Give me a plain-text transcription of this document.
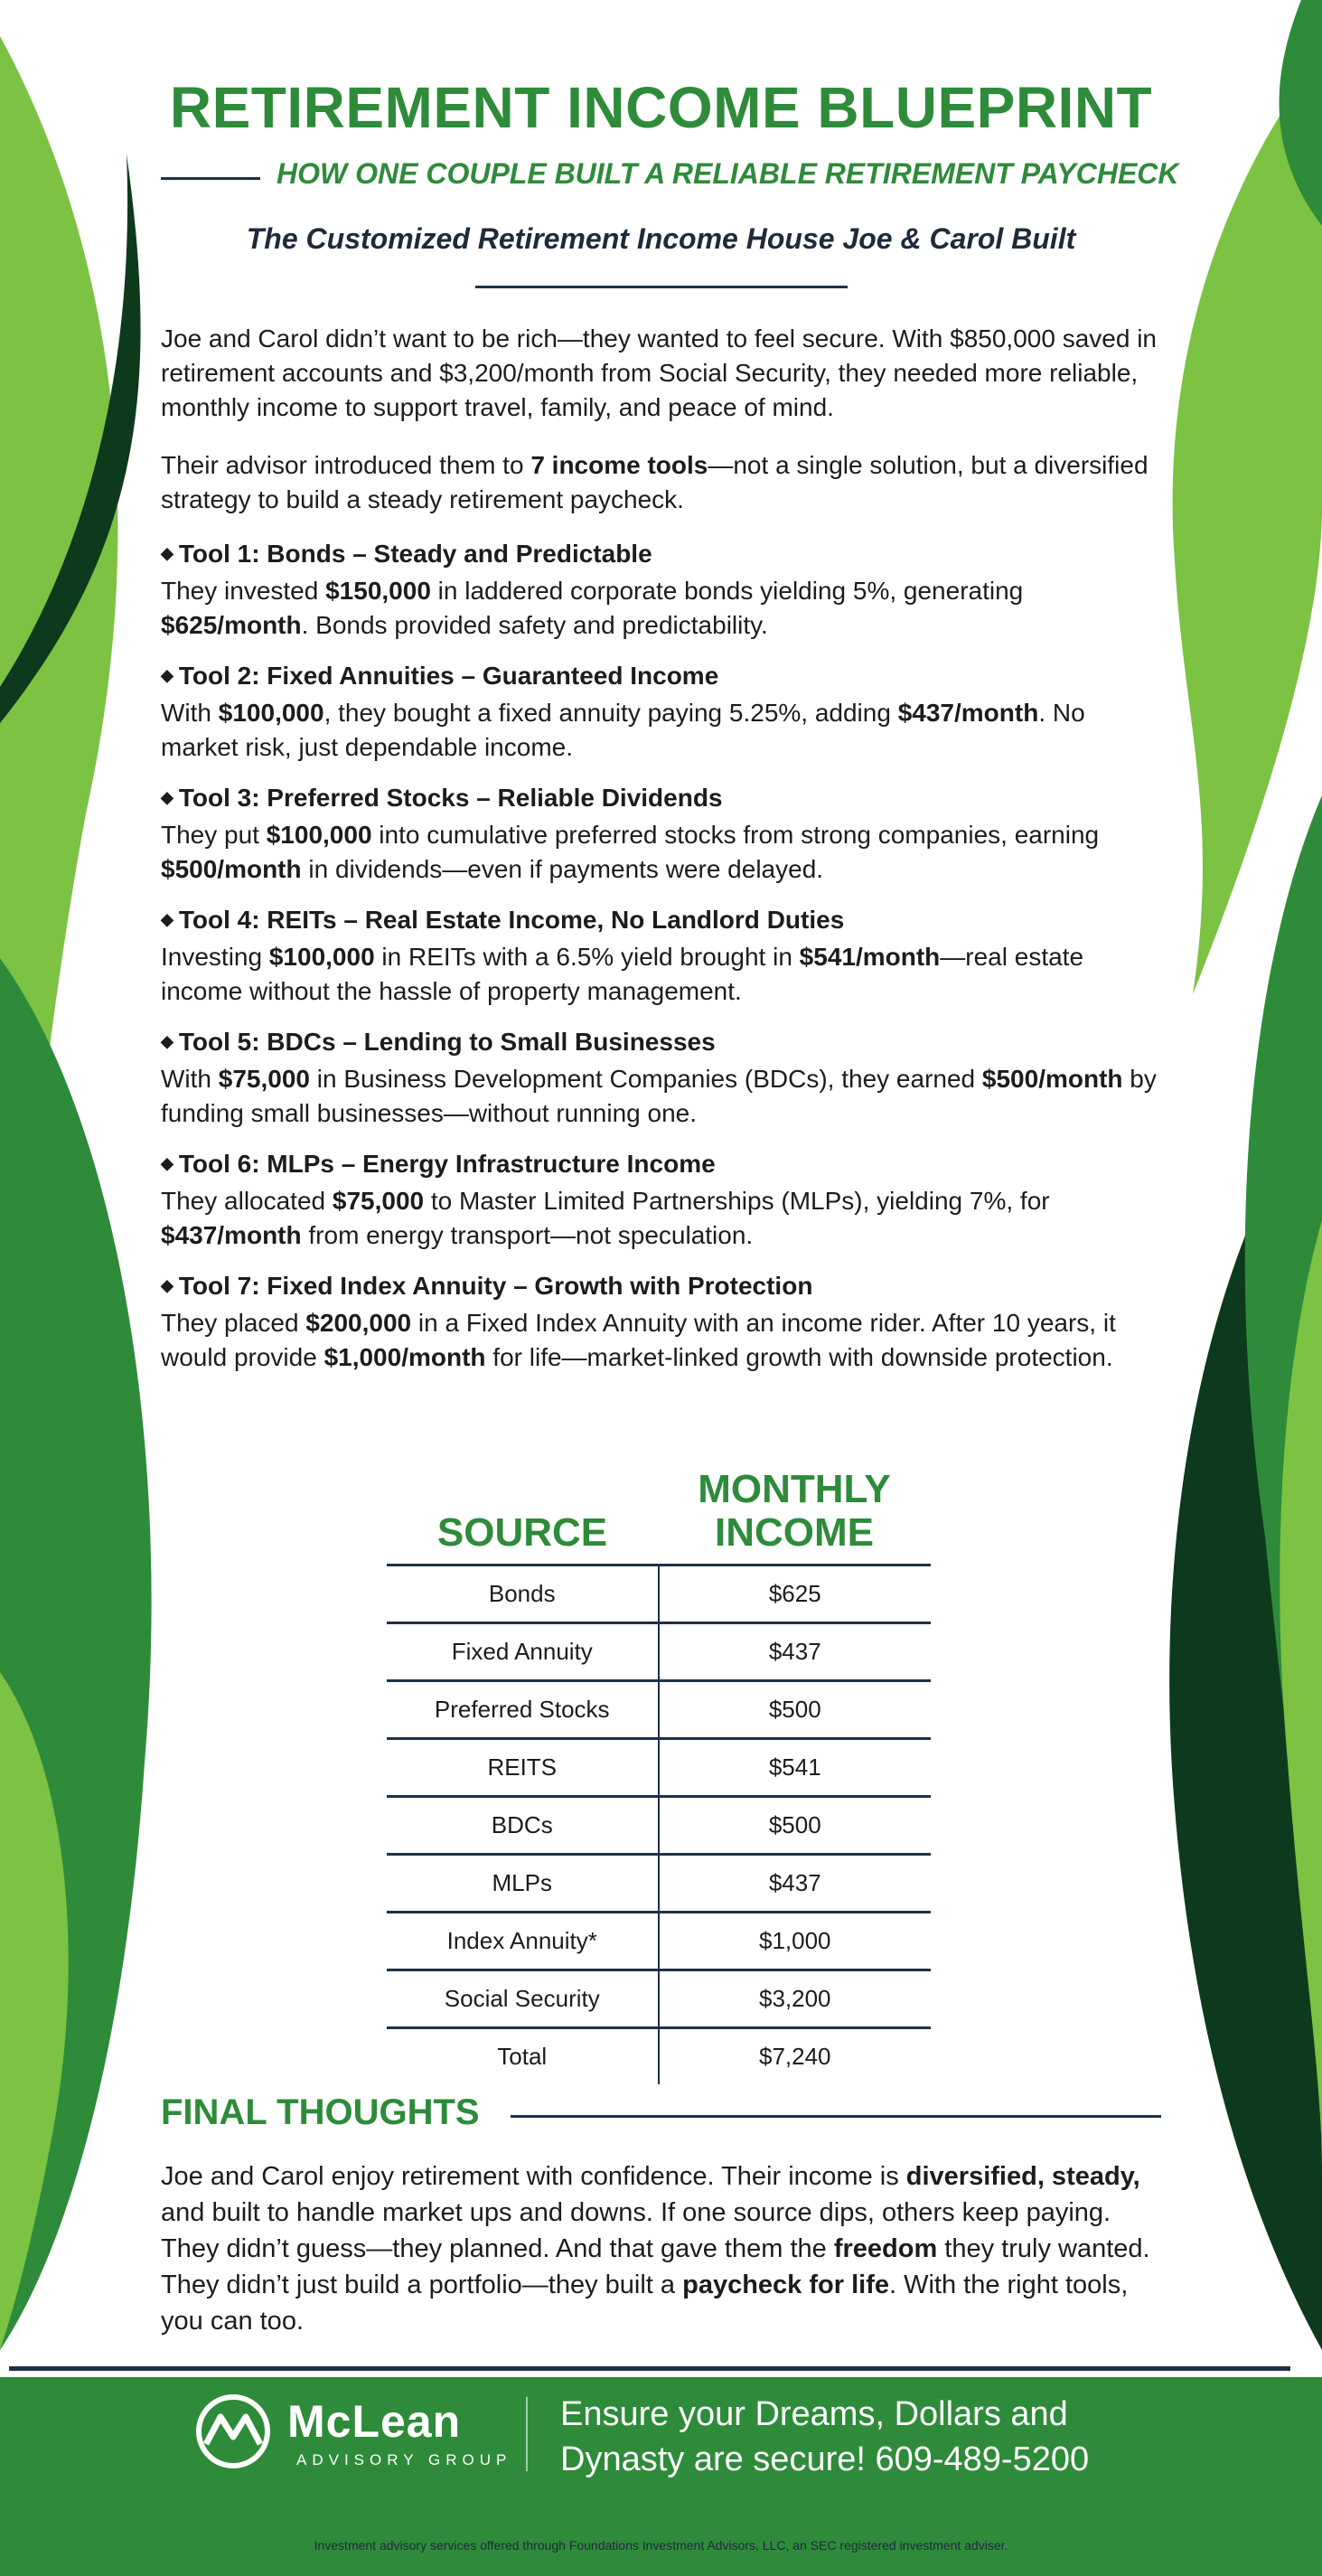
RETIREMENT INCOME BLUEPRINT
HOW ONE COUPLE BUILT A RELIABLE RETIREMENT PAYCHECK
The Customized Retirement Income House Joe & Carol Built

Joe and Carol didn’t want to be rich—they wanted to feel secure. With $850,000 saved in retirement accounts and $3,200/month from Social Security, they needed more reliable, monthly income to support travel, family, and peace of mind.

Their advisor introduced them to 7 income tools—not a single solution, but a diversified strategy to build a steady retirement paycheck.

◆ Tool 1: Bonds – Steady and Predictable
They invested $150,000 in laddered corporate bonds yielding 5%, generating $625/month. Bonds provided safety and predictability.
◆ Tool 2: Fixed Annuities – Guaranteed Income
With $100,000, they bought a fixed annuity paying 5.25%, adding $437/month. No market risk, just dependable income.
◆ Tool 3: Preferred Stocks – Reliable Dividends
They put $100,000 into cumulative preferred stocks from strong companies, earning $500/month in dividends—even if payments were delayed.
◆ Tool 4: REITs – Real Estate Income, No Landlord Duties
Investing $100,000 in REITs with a 6.5% yield brought in $541/month—real estate income without the hassle of property management.
◆ Tool 5: BDCs – Lending to Small Businesses
With $75,000 in Business Development Companies (BDCs), they earned $500/month by funding small businesses—without running one.
◆ Tool 6: MLPs – Energy Infrastructure Income
They allocated $75,000 to Master Limited Partnerships (MLPs), yielding 7%, for $437/month from energy transport—not speculation.
◆ Tool 7: Fixed Index Annuity – Growth with Protection
They placed $200,000 in a Fixed Index Annuity with an income rider. After 10 years, it would provide $1,000/month for life—market-linked growth with downside protection.
SOURCE
MONTHLY
INCOME
Bonds	$625
Fixed Annuity	$437
Preferred Stocks	$500
REITS	$541
BDCs	$500
MLPs	$437
Index Annuity*	$1,000
Social Security	$3,200
Total	$7,240
FINAL THOUGHTS
Joe and Carol enjoy retirement with confidence. Their income is diversified, steady, and built to handle market ups and downs. If one source dips, others keep paying. They didn’t guess—they planned. And that gave them the freedom they truly wanted. They didn’t just build a portfolio—they built a paycheck for life. With the right tools, you can too.
MA McLean
ADVISORY GROUP
Ensure your Dreams, Dollars and
Dynasty are secure! 609-489-5200
Investment advisory services offered through Foundations Investment Advisors, LLC, an SEC registered investment adviser.
